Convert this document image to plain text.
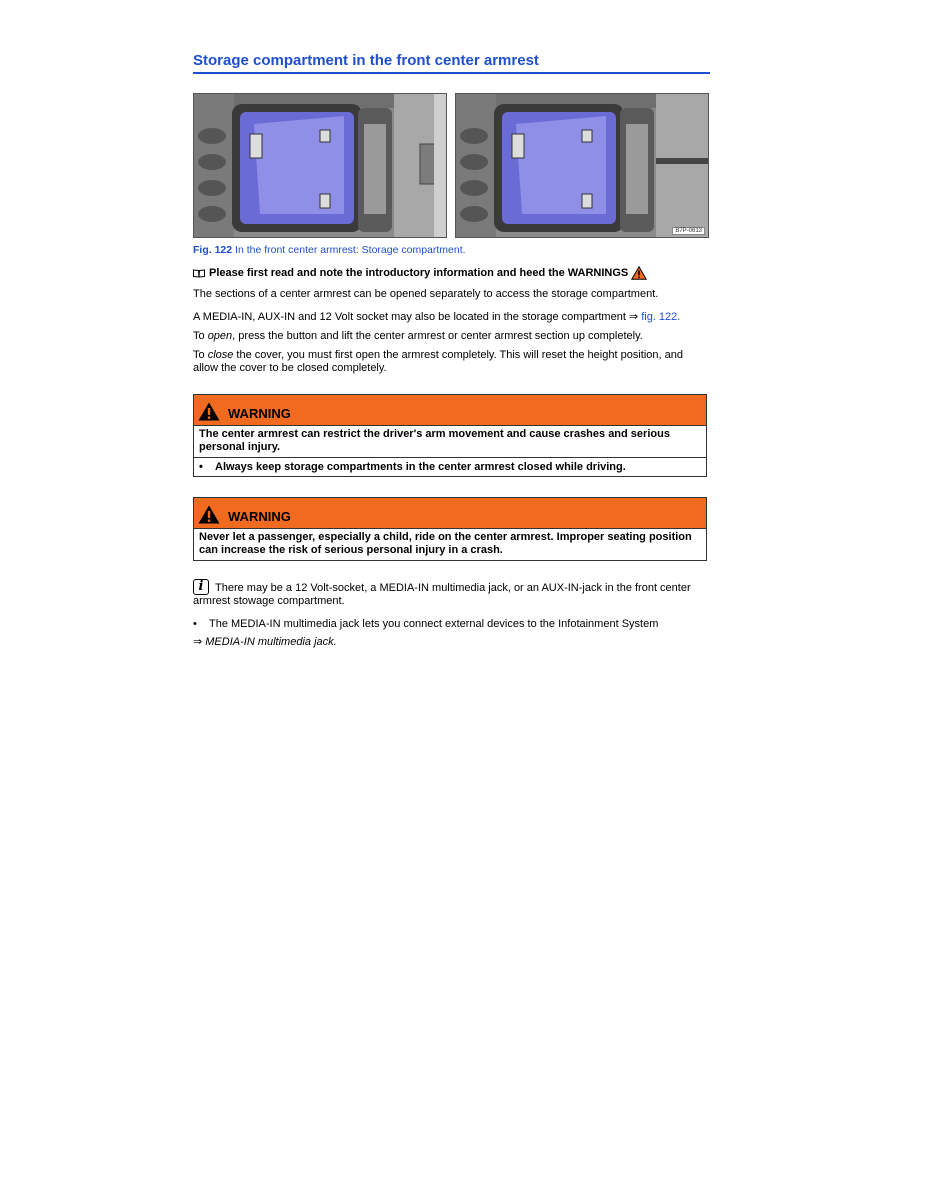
Storage compartment in the front center armrest
B7P-0613
Fig. 122 In the front center armrest: Storage compartment.
Please first read and note the introductory information and heed the WARNINGS
The sections of a center armrest can be opened separately to access the storage compartment.
A MEDIA-IN, AUX-IN and 12 Volt socket may also be located in the storage compartment ⇒ fig. 122.
To open, press the button and lift the center armrest or center armrest section up completely.
To close the cover, you must first open the armrest completely. This will reset the height position, and allow the cover to be closed completely.
WARNING
The center armrest can restrict the driver's arm movement and cause crashes and serious personal injury.
•	Always keep storage compartments in the center armrest closed while driving.
WARNING
Never let a passenger, especially a child, ride on the center armrest. Improper seating position can increase the risk of serious personal injury in a crash.
i There may be a 12 Volt-socket, a MEDIA-IN multimedia jack, or an AUX-IN-jack in the front center armrest stowage compartment.
•	The MEDIA-IN multimedia jack lets you connect external devices to the Infotainment System
⇒ MEDIA-IN multimedia jack.
